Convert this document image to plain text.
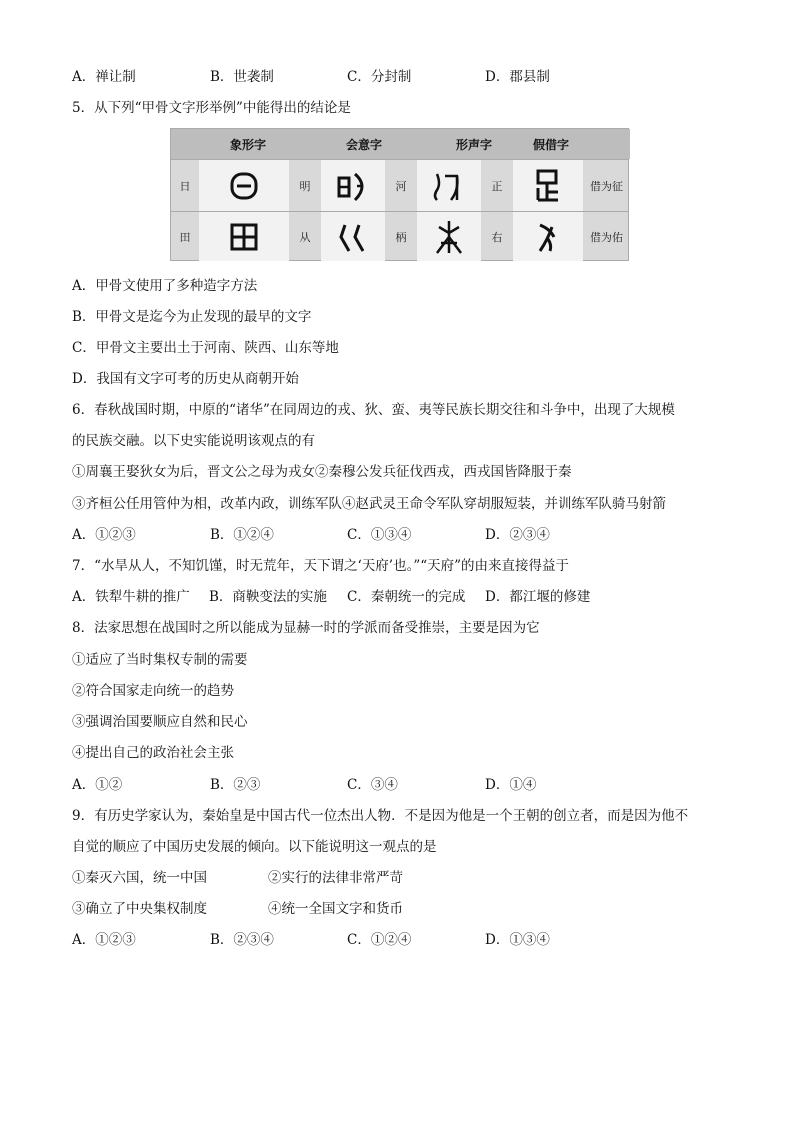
A．禅让制	B．世袭制	C．分封制	D．郡县制
5．从下列“甲骨文字形举例”中能得出的结论是
象形字	会意字	形声字	假借字
日	明	河	正	借为征
田	从	柄	右	借为佑
A．甲骨文使用了多种造字方法
B．甲骨文是迄今为止发现的最早的文字
C．甲骨文主要出土于河南、陕西、山东等地
D．我国有文字可考的历史从商朝开始
6．春秋战国时期，中原的“诸华”在同周边的戎、狄、蛮、夷等民族长期交往和斗争中，出现了大规模
的民族交融。以下史实能说明该观点的有
①周襄王娶狄女为后，晋文公之母为戎女②秦穆公发兵征伐西戎，西戎国皆降服于秦
③齐桓公任用管仲为相，改革内政，训练军队④赵武灵王命令军队穿胡服短装，并训练军队骑马射箭
A．①②③	B．①②④	C．①③④	D．②③④
7．“水旱从人，不知饥馑，时无荒年，天下谓之‘天府’也。”“天府”的由来直接得益于
A．铁犁牛耕的推广 B．商鞅变法的实施 C．秦朝统一的完成 D．都江堰的修建
8．法家思想在战国时之所以能成为显赫一时的学派而备受推崇，主要是因为它
①适应了当时集权专制的需要
②符合国家走向统一的趋势
③强调治国要顺应自然和民心
④提出自己的政治社会主张
A．①②	B．②③	C．③④	D．①④
9．有历史学家认为，秦始皇是中国古代一位杰出人物．不是因为他是一个王朝的创立者，而是因为他不
自觉的顺应了中国历史发展的倾向。以下能说明这一观点的是
①秦灭六国，统一中国	②实行的法律非常严苛
③确立了中央集权制度	④统一全国文字和货币
A．①②③	B．②③④	C．①②④	D．①③④
